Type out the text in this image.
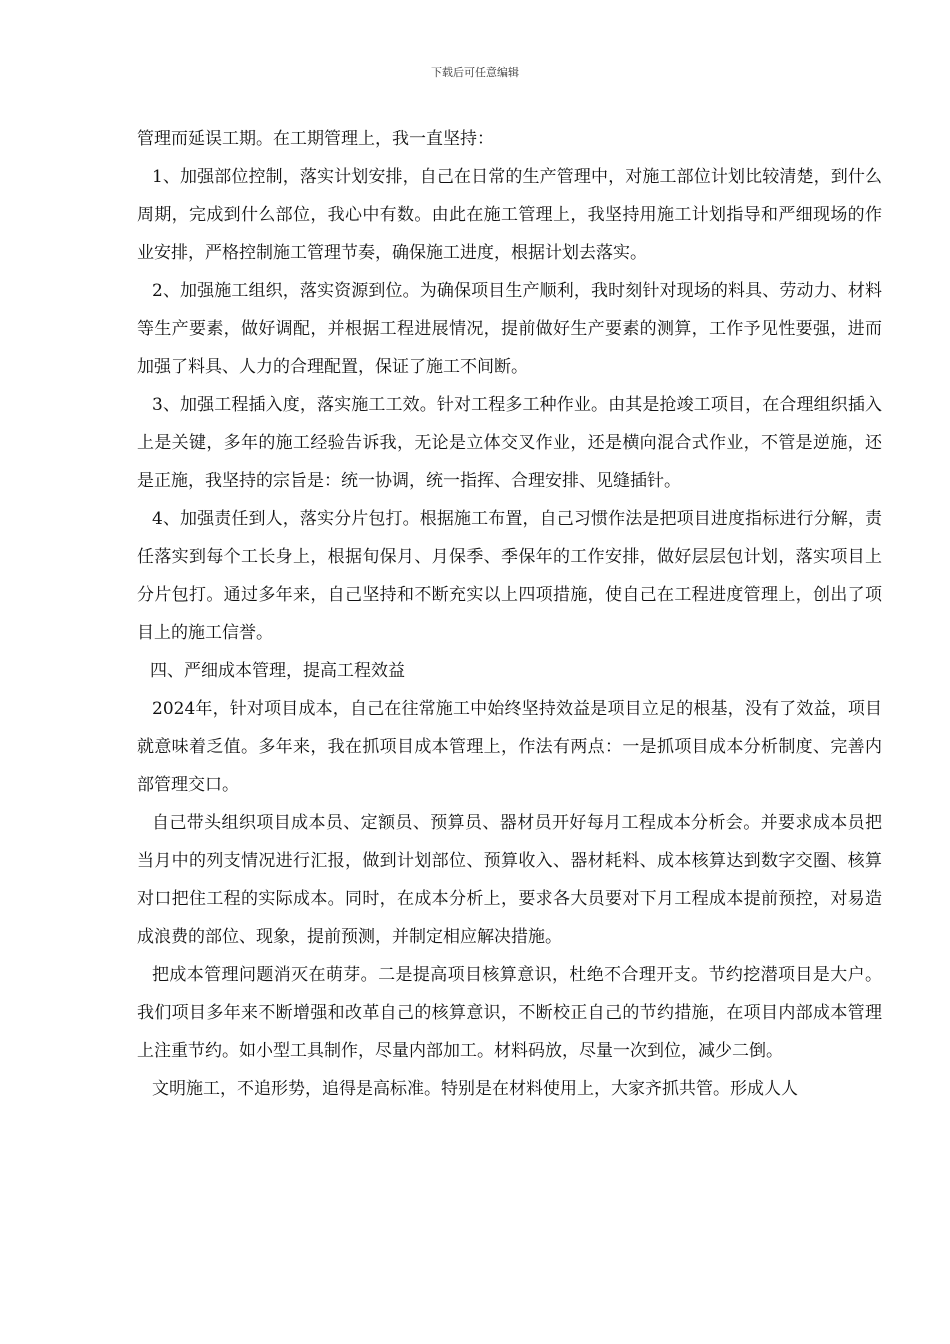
下载后可任意编辑

管理而延误工期。在工期管理上，我一直坚持：

1、加强部位控制，落实计划安排，自己在日常的生产管理中，对施工部位计划比较清楚，到什么周期，完成到什么部位，我心中有数。由此在施工管理上，我坚持用施工计划指导和严细现场的作业安排，严格控制施工管理节奏，确保施工进度，根据计划去落实。

2、加强施工组织，落实资源到位。为确保项目生产顺利，我时刻针对现场的料具、劳动力、材料等生产要素，做好调配，并根据工程进展情况，提前做好生产要素的测算，工作予见性要强，进而加强了料具、人力的合理配置，保证了施工不间断。

3、加强工程插入度，落实施工工效。针对工程多工种作业。由其是抢竣工项目，在合理组织插入上是关键，多年的施工经验告诉我，无论是立体交叉作业，还是横向混合式作业，不管是逆施，还是正施，我坚持的宗旨是：统一协调，统一指挥、合理安排、见缝插针。

4、加强责任到人，落实分片包打。根据施工布置，自己习惯作法是把项目进度指标进行分解，责任落实到每个工长身上，根据旬保月、月保季、季保年的工作安排，做好层层包计划，落实项目上分片包打。通过多年来，自己坚持和不断充实以上四项措施，使自己在工程进度管理上，创出了项目上的施工信誉。

四、严细成本管理，提高工程效益

2024年，针对项目成本，自己在往常施工中始终坚持效益是项目立足的根基，没有了效益，项目就意味着乏值。多年来，我在抓项目成本管理上，作法有两点：一是抓项目成本分析制度、完善内部管理交口。

自己带头组织项目成本员、定额员、预算员、器材员开好每月工程成本分析会。并要求成本员把当月中的列支情况进行汇报，做到计划部位、预算收入、器材耗料、成本核算达到数字交圈、核算对口把住工程的实际成本。同时，在成本分析上，要求各大员要对下月工程成本提前预控，对易造成浪费的部位、现象，提前预测，并制定相应解决措施。

把成本管理问题消灭在萌芽。二是提高项目核算意识，杜绝不合理开支。节约挖潜项目是大户。我们项目多年来不断增强和改革自己的核算意识，不断校正自己的节约措施，在项目内部成本管理上注重节约。如小型工具制作，尽量内部加工。材料码放，尽量一次到位，减少二倒。

文明施工，不追形势，追得是高标准。特别是在材料使用上，大家齐抓共管。形成人人
